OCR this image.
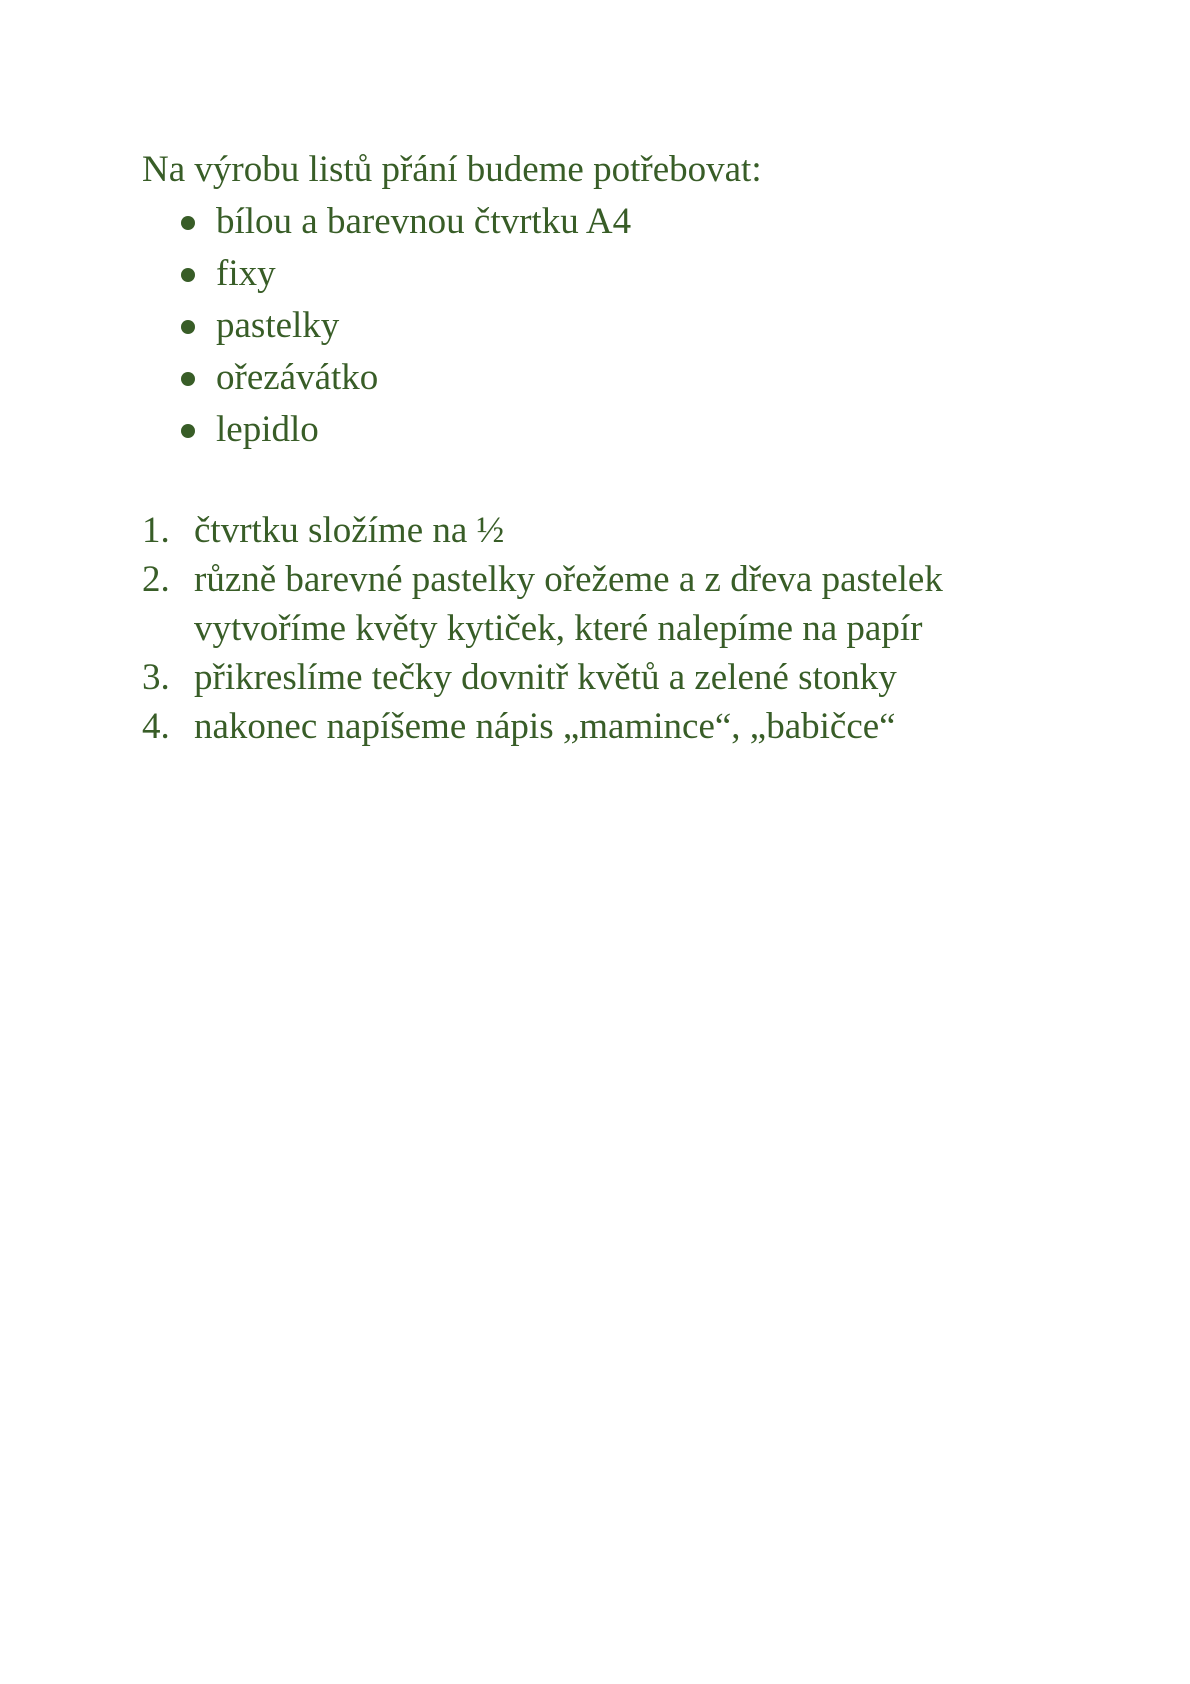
Na výrobu listů přání budeme potřebovat:

bílou a barevnou čtvrtku A4
fixy
pastelky
ořezávátko
lepidlo
1. čtvrtku složíme na ½
2. různě barevné pastelky ořežeme a z dřeva pastelek vytvoříme květy kytiček, které nalepíme na papír
3. přikreslíme tečky dovnitř květů a zelené stonky
4. nakonec napíšeme nápis „mamince“, „babičce“
